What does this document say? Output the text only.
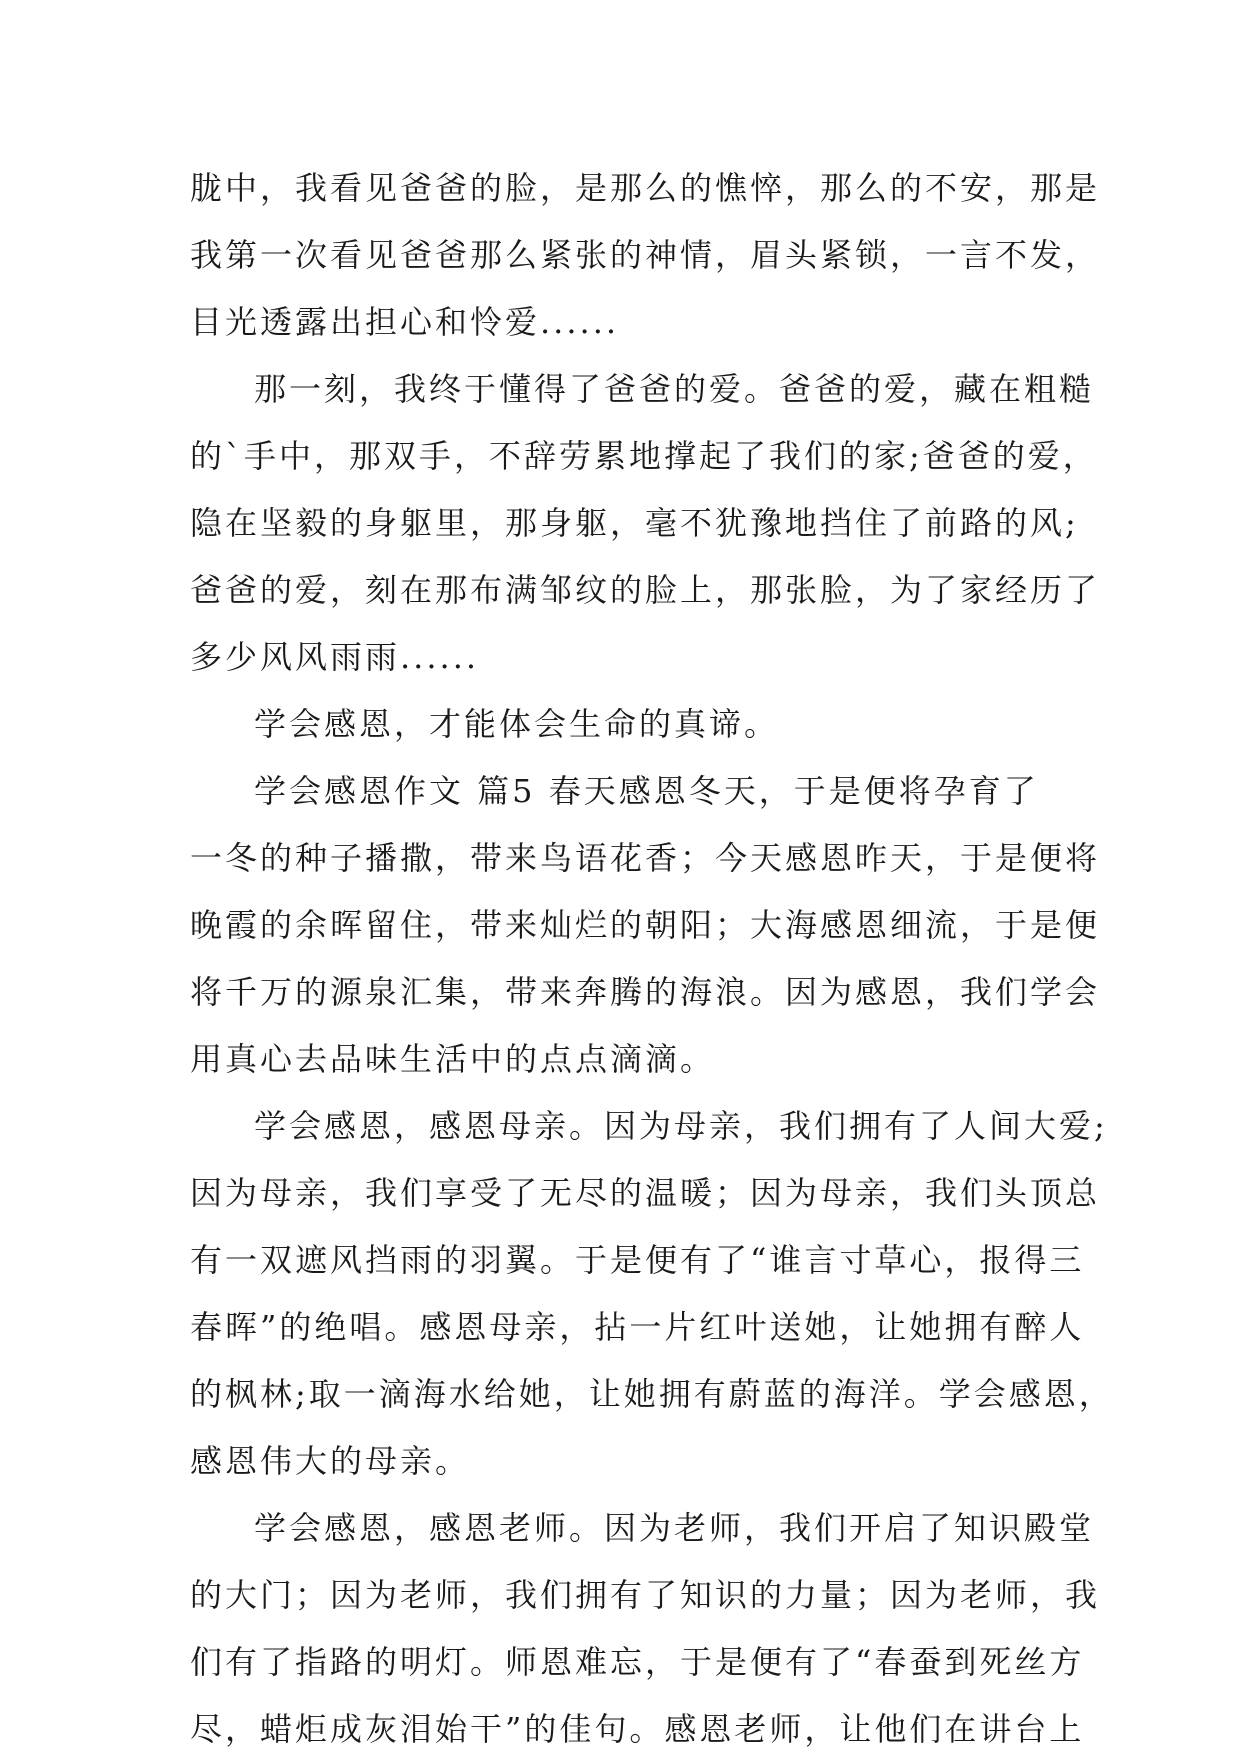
胧中，我看见爸爸的脸，是那么的憔悴，那么的不安，那是
我第一次看见爸爸那么紧张的神情，眉头紧锁，一言不发，
目光透露出担心和怜爱......
那一刻，我终于懂得了爸爸的爱。爸爸的爱，藏在粗糙
的`手中，那双手，不辞劳累地撑起了我们的家;爸爸的爱，
隐在坚毅的身躯里，那身躯，毫不犹豫地挡住了前路的风;
爸爸的爱，刻在那布满邹纹的脸上，那张脸，为了家经历了
多少风风雨雨......
学会感恩，才能体会生命的真谛。
学会感恩作文 篇5 春天感恩冬天，于是便将孕育了
一冬的种子播撒，带来鸟语花香；今天感恩昨天，于是便将
晚霞的余晖留住，带来灿烂的朝阳；大海感恩细流，于是便
将千万的源泉汇集，带来奔腾的海浪。因为感恩，我们学会
用真心去品味生活中的点点滴滴。
学会感恩，感恩母亲。因为母亲，我们拥有了人间大爱;
因为母亲，我们享受了无尽的温暖；因为母亲，我们头顶总
有一双遮风挡雨的羽翼。于是便有了“谁言寸草心，报得三
春晖”的绝唱。感恩母亲，拈一片红叶送她，让她拥有醉人
的枫林;取一滴海水给她，让她拥有蔚蓝的海洋。学会感恩，
感恩伟大的母亲。
学会感恩，感恩老师。因为老师，我们开启了知识殿堂
的大门；因为老师，我们拥有了知识的力量；因为老师，我
们有了指路的明灯。师恩难忘，于是便有了“春蚕到死丝方
尽，蜡炬成灰泪始干”的佳句。感恩老师，让他们在讲台上
